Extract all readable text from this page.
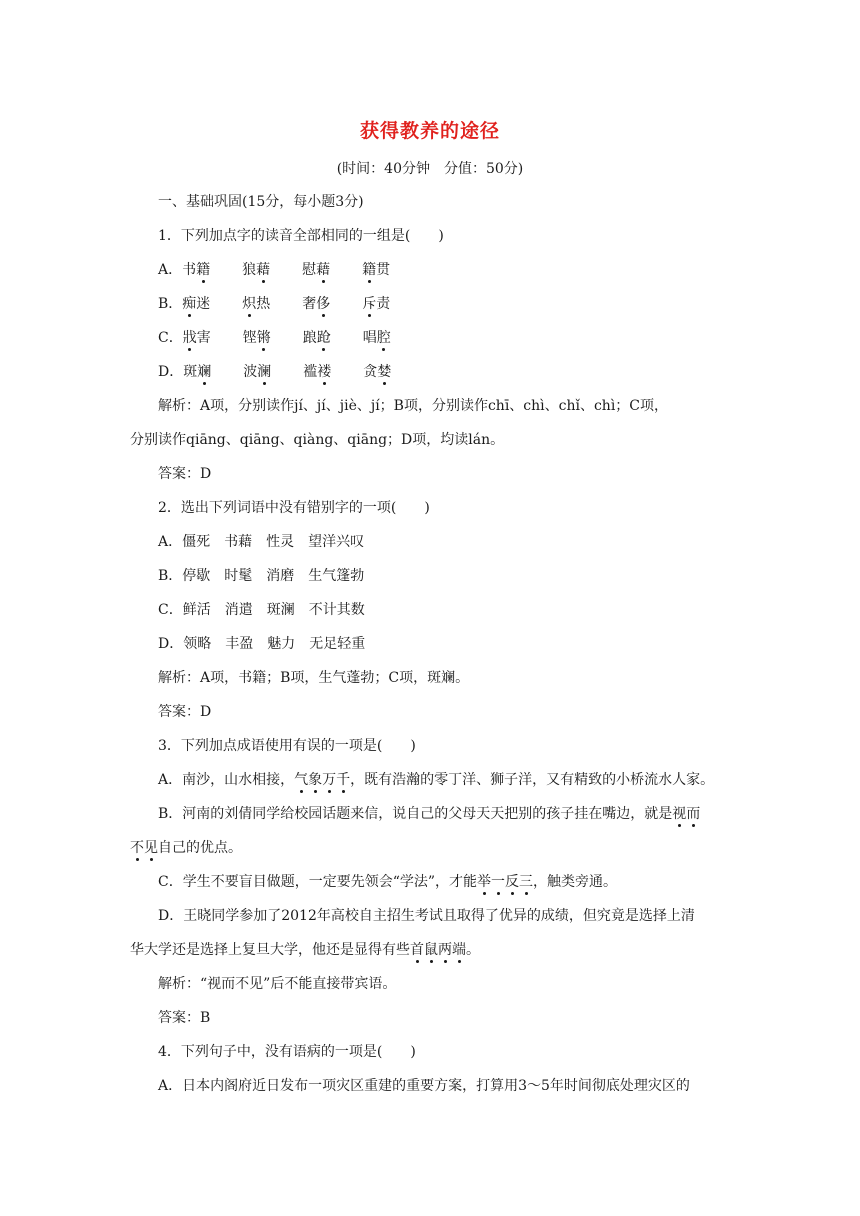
获得教养的途径
(时间：40分钟　分值：50分)
一、基础巩固(15分，每小题3分)
1．下列加点字的读音全部相同的一组是(　　)
A．书籍 狼藉 慰藉 籍贯
B．痴迷 炽热 奢侈 斥责
C．戕害 铿锵 踉跄 唱腔
D．斑斓 波澜 褴褛 贪婪
解析：A项，分别读作jí、jí、jiè、jí；B项，分别读作chī、chì、chǐ、chì；C项，
分别读作qiāng、qiāng、qiàng、qiāng；D项，均读lán。
答案：D
2．选出下列词语中没有错别字的一项(　　)
A．僵死　书藉　性灵　望洋兴叹
B．停歇　时髦　消磨　生气篷勃
C．鲜活　消遣　斑澜　不计其数
D．领略　丰盈　魅力　无足轻重
解析：A项，书籍；B项，生气蓬勃；C项，斑斓。
答案：D
3．下列加点成语使用有误的一项是(　　)
A．南沙，山水相接，气象万千，既有浩瀚的零丁洋、狮子洋，又有精致的小桥流水人家。
B．河南的刘倩同学给校园话题来信，说自己的父母天天把别的孩子挂在嘴边，就是视而
不见自己的优点。
C．学生不要盲目做题，一定要先领会“学法”，才能举一反三，触类旁通。
D．王晓同学参加了2012年高校自主招生考试且取得了优异的成绩，但究竟是选择上清
华大学还是选择上复旦大学，他还是显得有些首鼠两端。
解析：“视而不见”后不能直接带宾语。
答案：B
4．下列句子中，没有语病的一项是(　　)
A．日本内阁府近日发布一项灾区重建的重要方案，打算用3～5年时间彻底处理灾区的
